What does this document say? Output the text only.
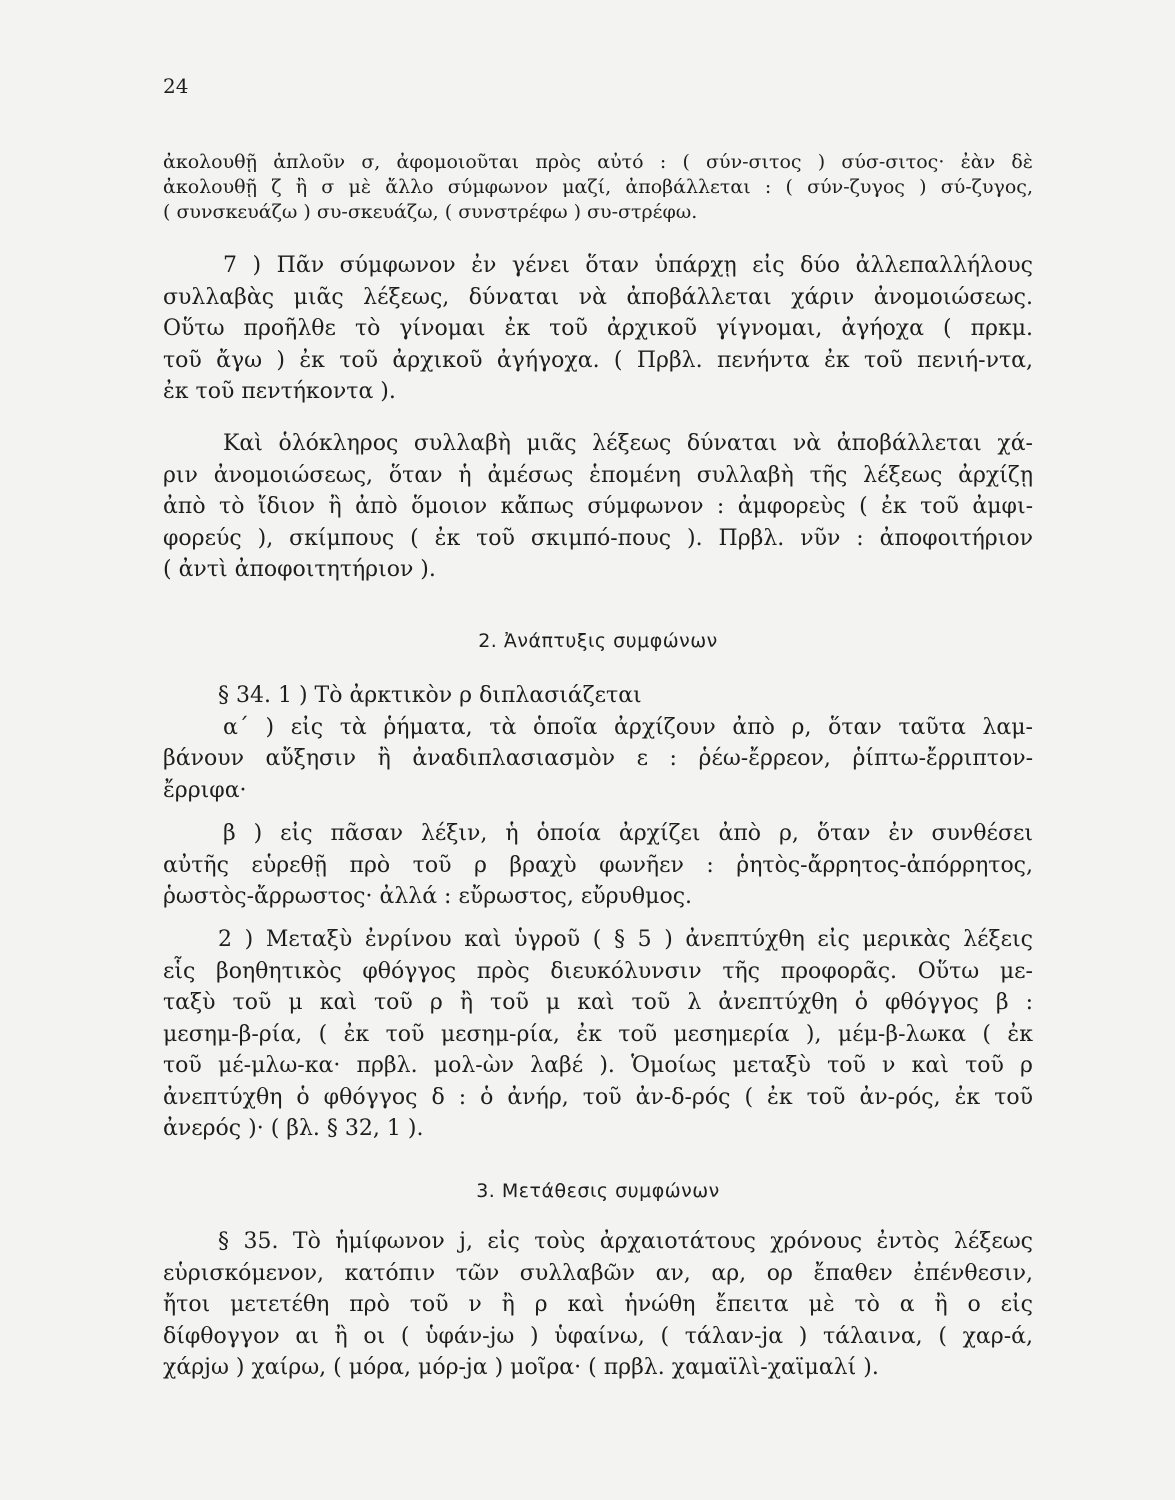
24
ἀκολουθῇ ἁπλοῦν σ, ἀφομοιοῦται πρὸς αὐτό : ( σύν-σιτος ) σύσ-σιτος· ἐὰν δὲ
ἀκολουθῇ ζ ἢ σ μὲ ἄλλο σύμφωνον μαζί, ἀποβάλλεται : ( σύν-ζυγος ) σύ-ζυγος,
( συνσκευάζω ) συ-σκευάζω, ( συνστρέφω ) συ-στρέφω.
7 ) Πᾶν σύμφωνον ἐν γένει ὅταν ὑπάρχῃ εἰς δύο ἀλλεπαλλήλους
συλλαβὰς μιᾶς λέξεως, δύναται νὰ ἀποβάλλεται χάριν ἀνομοιώσεως.
Οὕτω προῆλθε τὸ γίνομαι ἐκ τοῦ ἀρχικοῦ γίγνομαι, ἀγήοχα ( πρκμ.
τοῦ ἄγω ) ἐκ τοῦ ἀρχικοῦ ἀγήγοχα. ( Πρβλ. πενήντα ἐκ τοῦ πενιή-ντα,
ἐκ τοῦ πεντήκοντα ).
Καὶ ὁλόκληρος συλλαβὴ μιᾶς λέξεως δύναται νὰ ἀποβάλλεται χά-
ριν ἀνομοιώσεως, ὅταν ἡ ἀμέσως ἑπομένη συλλαβὴ τῆς λέξεως ἀρχίζῃ
ἀπὸ τὸ ἴδιον ἢ ἀπὸ ὅμοιον κἄπως σύμφωνον : ἀμφορεὺς ( ἐκ τοῦ ἀμφι-
φορεύς ), σκίμπους ( ἐκ τοῦ σκιμπό-πους ). Πρβλ. νῦν : ἀποφοιτήριον
( ἀντὶ ἀποφοιτητήριον ).
2. Ἀνάπτυξις συμφώνων
§ 34. 1 ) Τὸ ἀρκτικὸν ρ διπλασιάζεται
α΄ ) εἰς τὰ ῥήματα, τὰ ὁποῖα ἀρχίζουν ἀπὸ ρ, ὅταν ταῦτα λαμ-
βάνουν αὔξησιν ἢ ἀναδιπλασιασμὸν ε : ῥέω-ἔρρεον, ῥίπτω-ἔρριπτον-
ἔρριφα·
β ) εἰς πᾶσαν λέξιν, ἡ ὁποία ἀρχίζει ἀπὸ ρ, ὅταν ἐν συνθέσει
αὐτῆς εὑρεθῇ πρὸ τοῦ ρ βραχὺ φωνῆεν : ῥητὸς-ἄρρητος-ἀπόρρητος,
ῥωστὸς-ἄρρωστος· ἀλλά : εὔρωστος, εὔρυθμος.
2 ) Μεταξὺ ἐνρίνου καὶ ὑγροῦ ( § 5 ) ἀνεπτύχθη εἰς μερικὰς λέξεις
εἷς βοηθητικὸς φθόγγος πρὸς διευκόλυνσιν τῆς προφορᾶς. Οὕτω με-
ταξὺ τοῦ μ καὶ τοῦ ρ ἢ τοῦ μ καὶ τοῦ λ ἀνεπτύχθη ὁ φθόγγος β :
μεσημ-β-ρία, ( ἐκ τοῦ μεσημ-ρία, ἐκ τοῦ μεσημερία ), μέμ-β-λωκα ( ἐκ
τοῦ μέ-μλω-κα· πρβλ. μολ-ὼν λαβέ ). Ὁμοίως μεταξὺ τοῦ ν καὶ τοῦ ρ
ἀνεπτύχθη ὁ φθόγγος δ : ὁ ἀνήρ, τοῦ ἀν-δ-ρός ( ἐκ τοῦ ἀν-ρός, ἐκ τοῦ
ἀνερός )· ( βλ. § 32, 1 ).
3. Μετάθεσις συμφώνων
§ 35. Τὸ ἡμίφωνον j, εἰς τοὺς ἀρχαιοτάτους χρόνους ἐντὸς λέξεως
εὑρισκόμενον, κατόπιν τῶν συλλαβῶν αν, αρ, ορ ἔπαθεν ἐπένθεσιν,
ἤτοι μετετέθη πρὸ τοῦ ν ἢ ρ καὶ ἡνώθη ἔπειτα μὲ τὸ α ἢ ο εἰς
δίφθογγον αι ἢ οι ( ὑφάν-jω ) ὑφαίνω, ( τάλαν-jα ) τάλαινα, ( χαρ-ά,
χάρjω ) χαίρω, ( μόρα, μόρ-jα ) μοῖρα· ( πρβλ. χαμαϊλὶ-χαϊμαλί ).
